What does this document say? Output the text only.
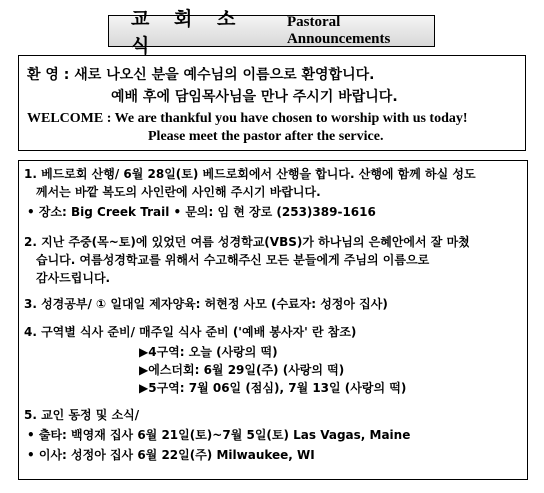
교 회 소 식
Pastoral Announcements
환 영 : 새로 나오신 분을 예수님의 이름으로 환영합니다.
예배 후에 담임목사님을 만나 주시기 바랍니다.
WELCOME : We are thankful you have chosen to worship with us today!
Please meet the pastor after the service.
1. 베드로회 산행/ 6월 28일(토) 베드로회에서 산행을 합니다. 산행에 함께 하실 성도
께서는 바깥 복도의 사인란에 사인해 주시기 바랍니다.
• 장소: Big Creek Trail • 문의: 임 현 장로 (253)389-1616
2. 지난 주중(목~토)에 있었던 여름 성경학교(VBS)가 하나님의 은혜안에서 잘 마쳤
습니다. 여름성경학교를 위해서 수고해주신 모든 분들에게 주님의 이름으로
감사드립니다.
3. 성경공부/ ① 일대일 제자양육: 허현정 사모 (수료자: 성정아 집사)
4. 구역별 식사 준비/ 매주일 식사 준비 ('예배 봉사자' 란 참조)
▶4구역: 오늘 (사랑의 떡)
▶에스더회: 6월 29일(주) (사랑의 떡)
▶5구역: 7월 06일 (점심), 7월 13일 (사랑의 떡)
5. 교인 동정 및 소식/
• 출타: 백영재 집사 6월 21일(토)~7월 5일(토) Las Vagas, Maine
• 이사: 성정아 집사 6월 22일(주) Milwaukee, WI
